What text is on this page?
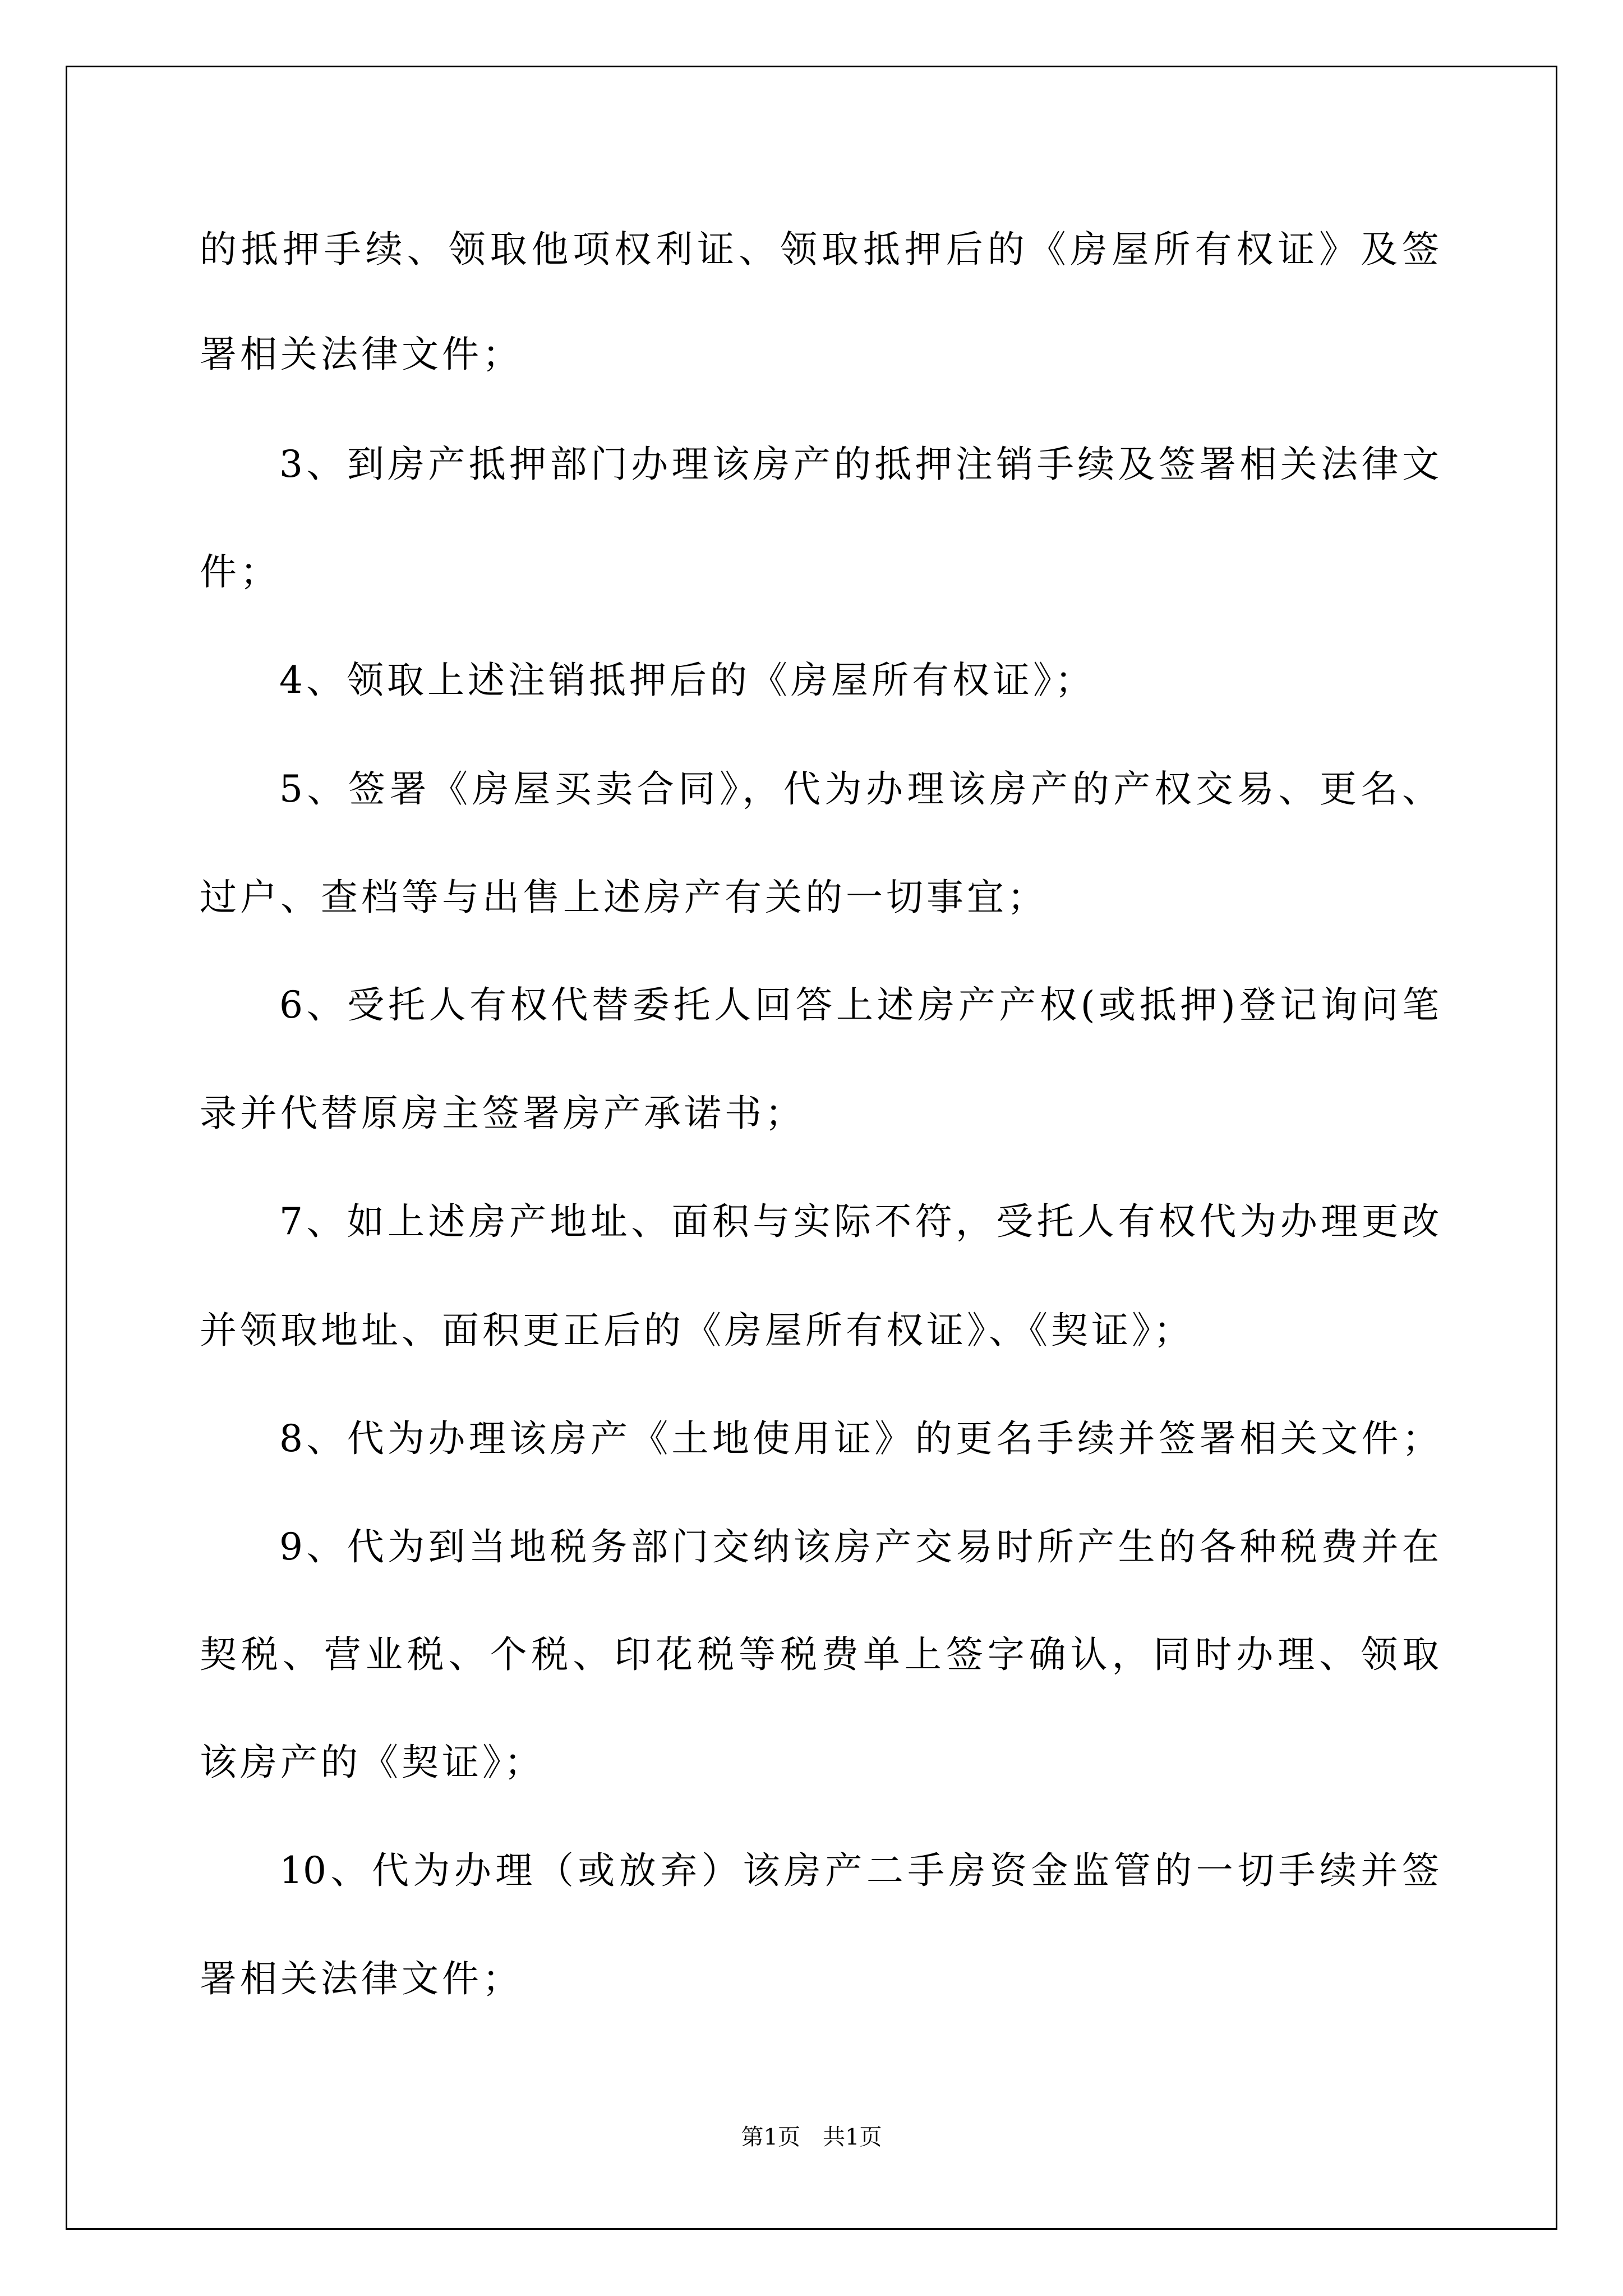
的抵押手续、领取他项权利证、领取抵押后的《房屋所有权证》及签
署相关法律文件；
3、到房产抵押部门办理该房产的抵押注销手续及签署相关法律文
件；
4、领取上述注销抵押后的《房屋所有权证》；
5、签署《房屋买卖合同》，代为办理该房产的产权交易、更名、
过户、查档等与出售上述房产有关的一切事宜；
6、受托人有权代替委托人回答上述房产产权(或抵押)登记询问笔
录并代替原房主签署房产承诺书；
7、如上述房产地址、面积与实际不符，受托人有权代为办理更改
并领取地址、面积更正后的《房屋所有权证》、《契证》；
8、代为办理该房产《土地使用证》的更名手续并签署相关文件；
9、代为到当地税务部门交纳该房产交易时所产生的各种税费并在
契税、营业税、个税、印花税等税费单上签字确认，同时办理、领取
该房产的《契证》；
10、代为办理（或放弃）该房产二手房资金监管的一切手续并签
署相关法律文件；
第1页　共1页
